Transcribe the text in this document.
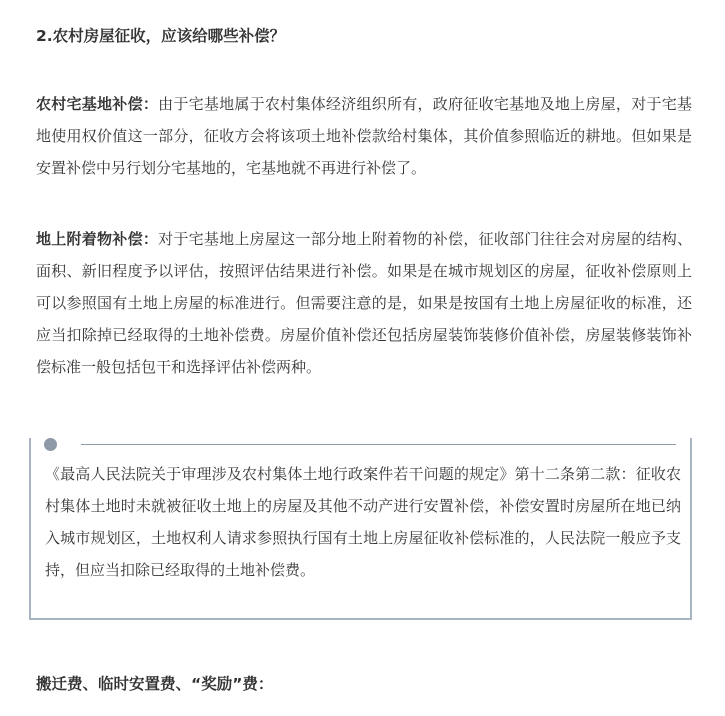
2.农村房屋征收，应该给哪些补偿？
农村宅基地补偿：由于宅基地属于农村集体经济组织所有，政府征收宅基地及地上房屋，对于宅基地使用权价值这一部分，征收方会将该项土地补偿款给村集体，其价值参照临近的耕地。但如果是安置补偿中另行划分宅基地的，宅基地就不再进行补偿了。
地上附着物补偿：对于宅基地上房屋这一部分地上附着物的补偿，征收部门往往会对房屋的结构、面积、新旧程度予以评估，按照评估结果进行补偿。如果是在城市规划区的房屋，征收补偿原则上可以参照国有土地上房屋的标准进行。但需要注意的是，如果是按国有土地上房屋征收的标准，还应当扣除掉已经取得的土地补偿费。房屋价值补偿还包括房屋装饰装修价值补偿，房屋装修装饰补偿标准一般包括包干和选择评估补偿两种。
《最高人民法院关于审理涉及农村集体土地行政案件若干问题的规定》第十二条第二款：征收农村集体土地时未就被征收土地上的房屋及其他不动产进行安置补偿，补偿安置时房屋所在地已纳入城市规划区，土地权利人请求参照执行国有土地上房屋征收补偿标准的，人民法院一般应予支持，但应当扣除已经取得的土地补偿费。
搬迁费、临时安置费、“奖励”费：
